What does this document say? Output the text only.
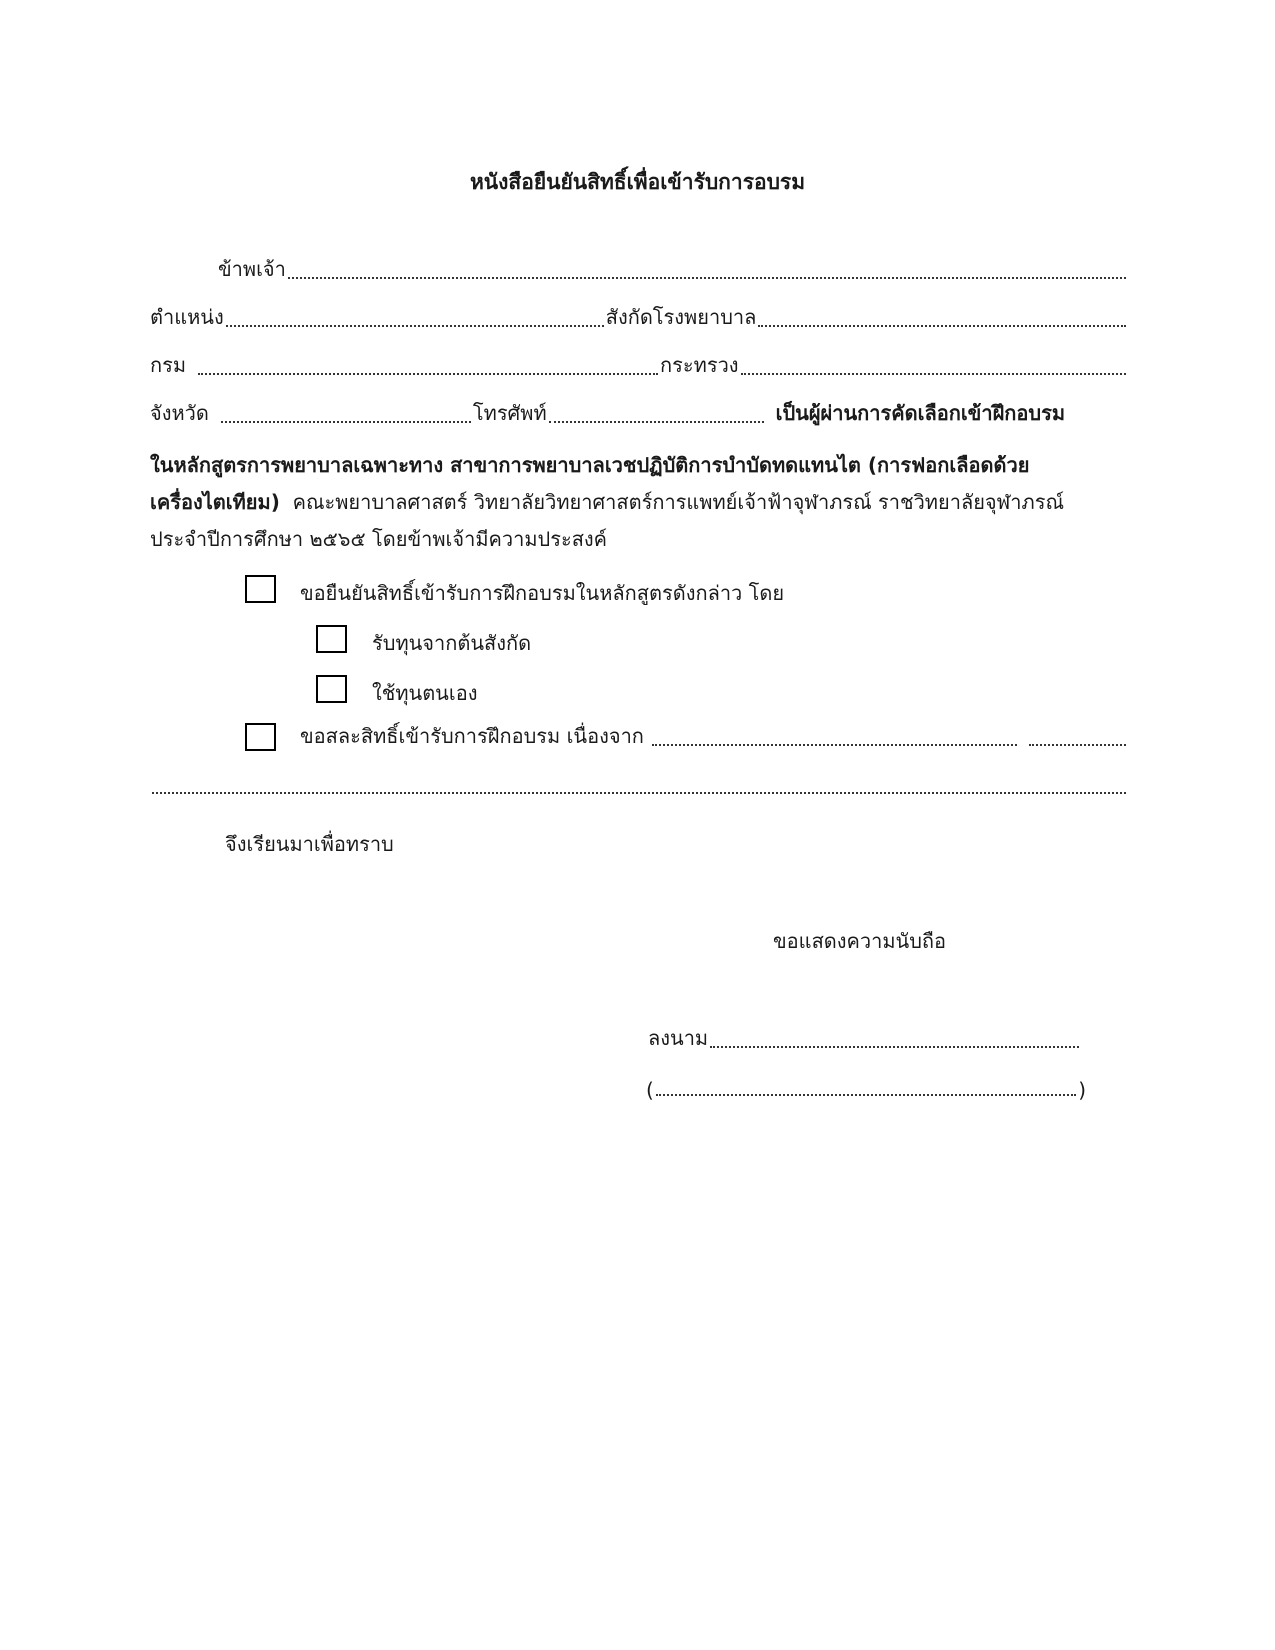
หนังสือยืนยันสิทธิ์เพื่อเข้ารับการอบรม
ข้าพเจ้า
ตำแหน่ง	สังกัดโรงพยาบาล
กรม	กระทรวง
จังหวัด	โทรศัพท์	เป็นผู้ผ่านการคัดเลือกเข้าฝึกอบรม
ในหลักสูตรการพยาบาลเฉพาะทาง สาขาการพยาบาลเวชปฏิบัติการบำบัดทดแทนไต (การฟอกเลือดด้วย
เครื่องไตเทียม) คณะพยาบาลศาสตร์ วิทยาลัยวิทยาศาสตร์การแพทย์เจ้าฟ้าจุฬาภรณ์ ราชวิทยาลัยจุฬาภรณ์
ประจำปีการศึกษา ๒๕๖๕ โดยข้าพเจ้ามีความประสงค์
ขอยืนยันสิทธิ์เข้ารับการฝึกอบรมในหลักสูตรดังกล่าว โดย
รับทุนจากต้นสังกัด
ใช้ทุนตนเอง
ขอสละสิทธิ์เข้ารับการฝึกอบรม เนื่องจาก
จึงเรียนมาเพื่อทราบ
ขอแสดงความนับถือ
ลงนาม
(	)
